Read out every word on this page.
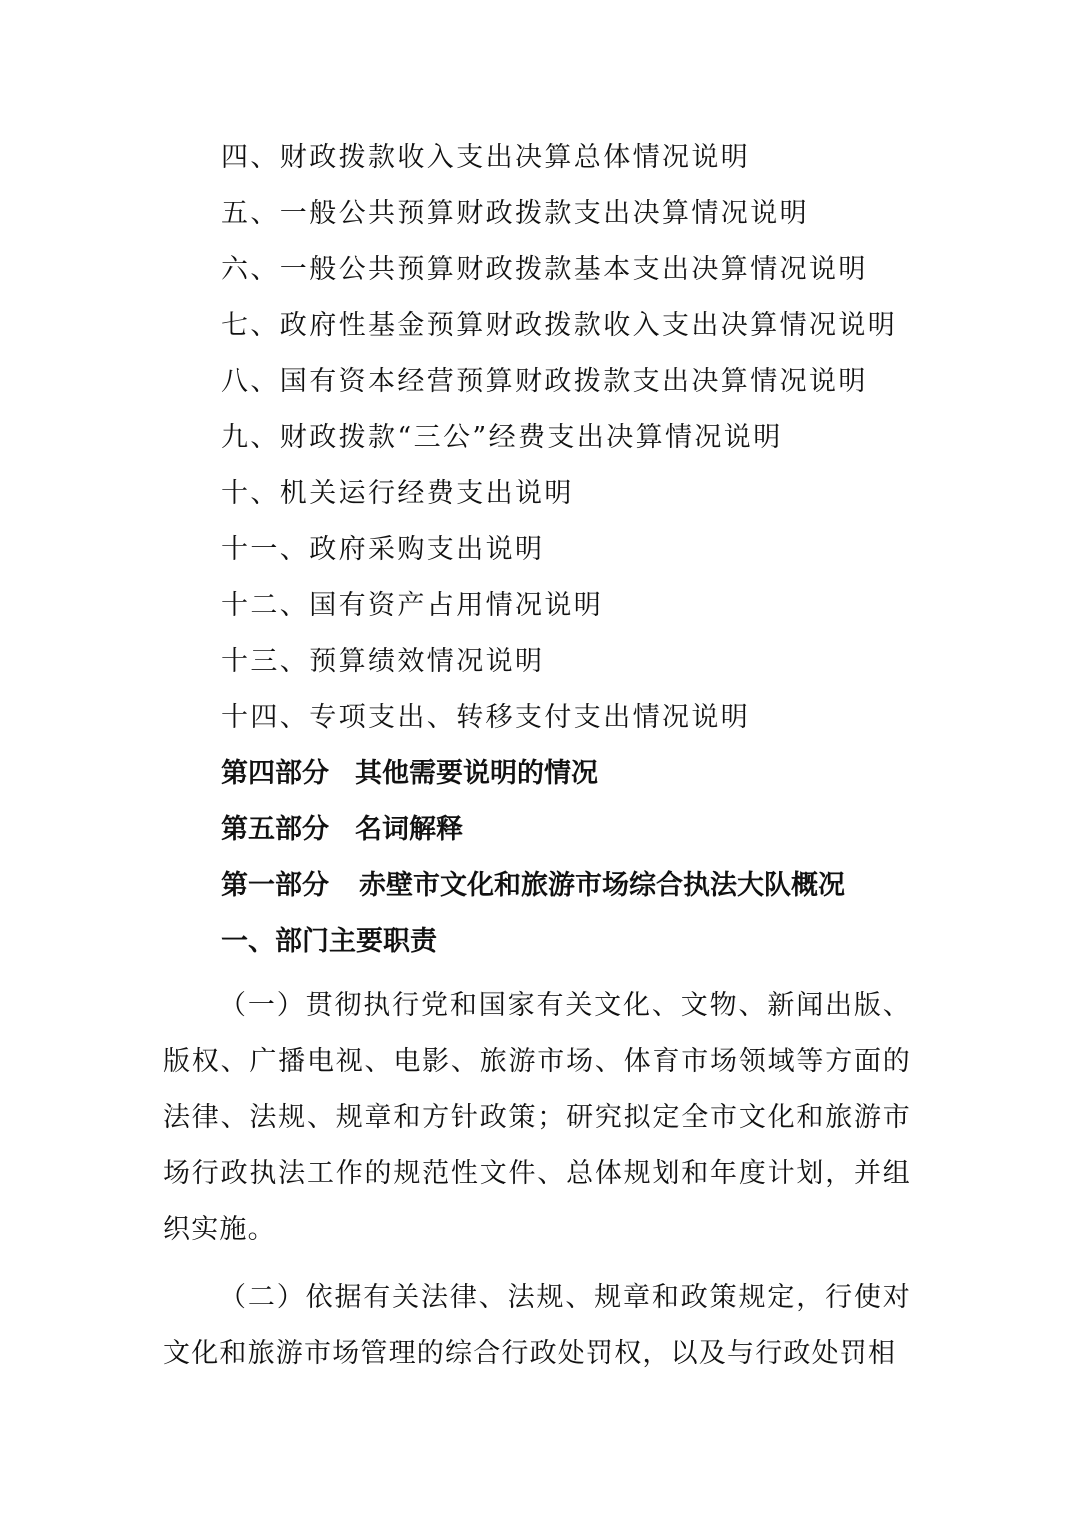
四、财政拨款收入支出决算总体情况说明
五、一般公共预算财政拨款支出决算情况说明
六、一般公共预算财政拨款基本支出决算情况说明
七、政府性基金预算财政拨款收入支出决算情况说明
八、国有资本经营预算财政拨款支出决算情况说明
九、财政拨款“三公”经费支出决算情况说明
十、机关运行经费支出说明
十一、政府采购支出说明
十二、国有资产占用情况说明
十三、预算绩效情况说明
十四、专项支出、转移支付支出情况说明
第四部分 其他需要说明的情况
第五部分 名词解释
第一部分 赤壁市文化和旅游市场综合执法大队概况
一、部门主要职责

（一）贯彻执行党和国家有关文化、文物、新闻出版、版权、广播电视、电影、旅游市场、体育市场领域等方面的法律、法规、规章和方针政策；研究拟定全市文化和旅游市场行政执法工作的规范性文件、总体规划和年度计划，并组织实施。

（二）依据有关法律、法规、规章和政策规定，行使对文化和旅游市场管理的综合行政处罚权，以及与行政处罚相
